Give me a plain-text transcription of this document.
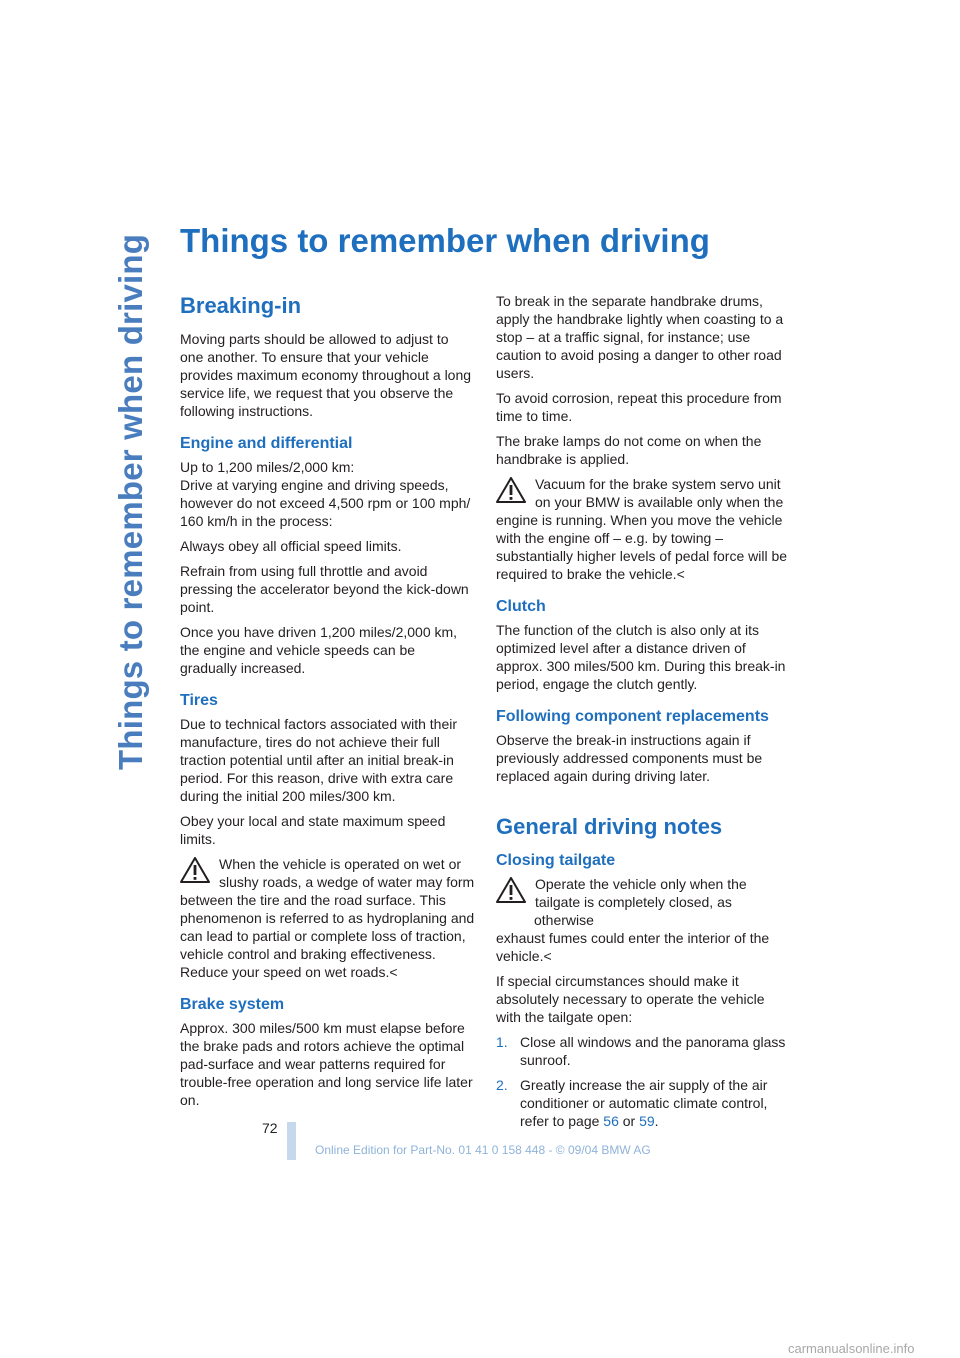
Things to remember when driving Things to remember when driving
Breaking-in

Moving parts should be allowed to adjust to one another. To ensure that your vehicle provides maximum economy throughout a long service life, we request that you observe the following instructions.

Engine and differential

Up to 1,200 miles/2,000 km:
Drive at varying engine and driving speeds, however do not exceed 4,500 rpm or 100 mph/ 160 km/h in the process:

Always obey all official speed limits.

Refrain from using full throttle and avoid pressing the accelerator beyond the kick-down point.

Once you have driven 1,200 miles/2,000 km, the engine and vehicle speeds can be gradually increased.

Tires

Due to technical factors associated with their manufacture, tires do not achieve their full traction potential until after an initial break-in period. For this reason, drive with extra care during the initial 200 miles/300 km.

Obey your local and state maximum speed limits.

When the vehicle is operated on wet or slushy roads, a wedge of water may form
between the tire and the road surface. This phenomenon is referred to as hydroplaning and can lead to partial or complete loss of traction, vehicle control and braking effectiveness. Reduce your speed on wet roads.<

Brake system

Approx. 300 miles/500 km must elapse before the brake pads and rotors achieve the optimal pad-surface and wear patterns required for trouble-free operation and long service life later on.

To break in the separate handbrake drums, apply the handbrake lightly when coasting to a stop – at a traffic signal, for instance; use caution to avoid posing a danger to other road users.

To avoid corrosion, repeat this procedure from time to time.

The brake lamps do not come on when the handbrake is applied.

Vacuum for the brake system servo unit on your BMW is available only when the
engine is running. When you move the vehicle with the engine off – e.g. by towing – substantially higher levels of pedal force will be required to brake the vehicle.<

Clutch

The function of the clutch is also only at its optimized level after a distance driven of approx. 300 miles/500 km. During this break-in period, engage the clutch gently.

Following component replacements

Observe the break-in instructions again if previously addressed components must be replaced again during driving later.

General driving notes
Closing tailgate

Operate the vehicle only when the tailgate is completely closed, as otherwise
exhaust fumes could enter the interior of the vehicle.<

If special circumstances should make it absolutely necessary to operate the vehicle with the tailgate open:

1. Close all windows and the panorama glass sunroof.
2. Greatly increase the air supply of the air conditioner or automatic climate control, refer to page 56 or 59.
72
Online Edition for Part-No. 01 41 0 158 448 - © 09/04 BMW AG
carmanualsonline.info
